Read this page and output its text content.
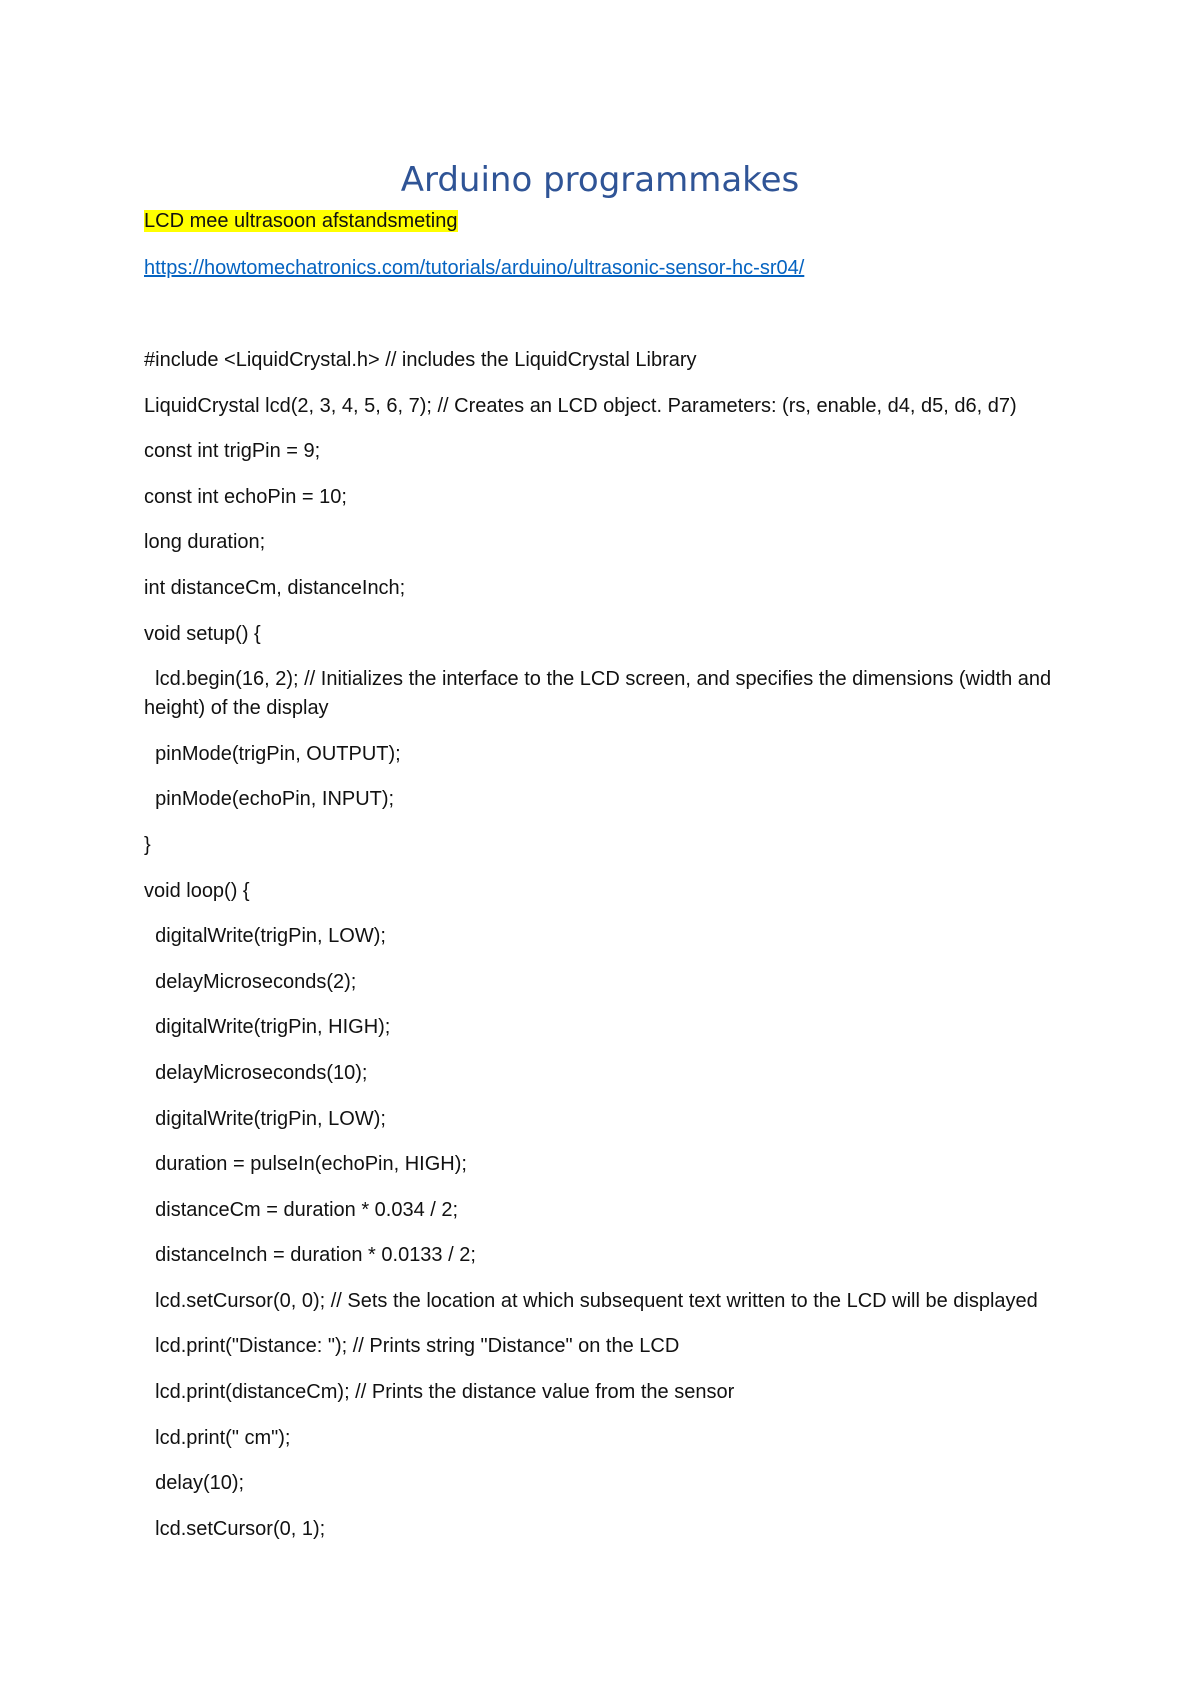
Arduino programmakes

LCD mee ultrasoon afstandsmeting

https://howtomechatronics.com/tutorials/arduino/ultrasonic-sensor-hc-sr04/
#include <LiquidCrystal.h> // includes the LiquidCrystal Library
LiquidCrystal lcd(2, 3, 4, 5, 6, 7); // Creates an LCD object. Parameters: (rs, enable, d4, d5, d6, d7)
const int trigPin = 9;
const int echoPin = 10;
long duration;
int distanceCm, distanceInch;
void setup() {
lcd.begin(16, 2); // Initializes the interface to the LCD screen, and specifies the dimensions (width and height) of the display
pinMode(trigPin, OUTPUT);
pinMode(echoPin, INPUT);
}
void loop() {
digitalWrite(trigPin, LOW);
delayMicroseconds(2);
digitalWrite(trigPin, HIGH);
delayMicroseconds(10);
digitalWrite(trigPin, LOW);
duration = pulseIn(echoPin, HIGH);
distanceCm = duration * 0.034 / 2;
distanceInch = duration * 0.0133 / 2;
lcd.setCursor(0, 0); // Sets the location at which subsequent text written to the LCD will be displayed
lcd.print("Distance: "); // Prints string "Distance" on the LCD
lcd.print(distanceCm); // Prints the distance value from the sensor
lcd.print(" cm");
delay(10);
lcd.setCursor(0, 1);
